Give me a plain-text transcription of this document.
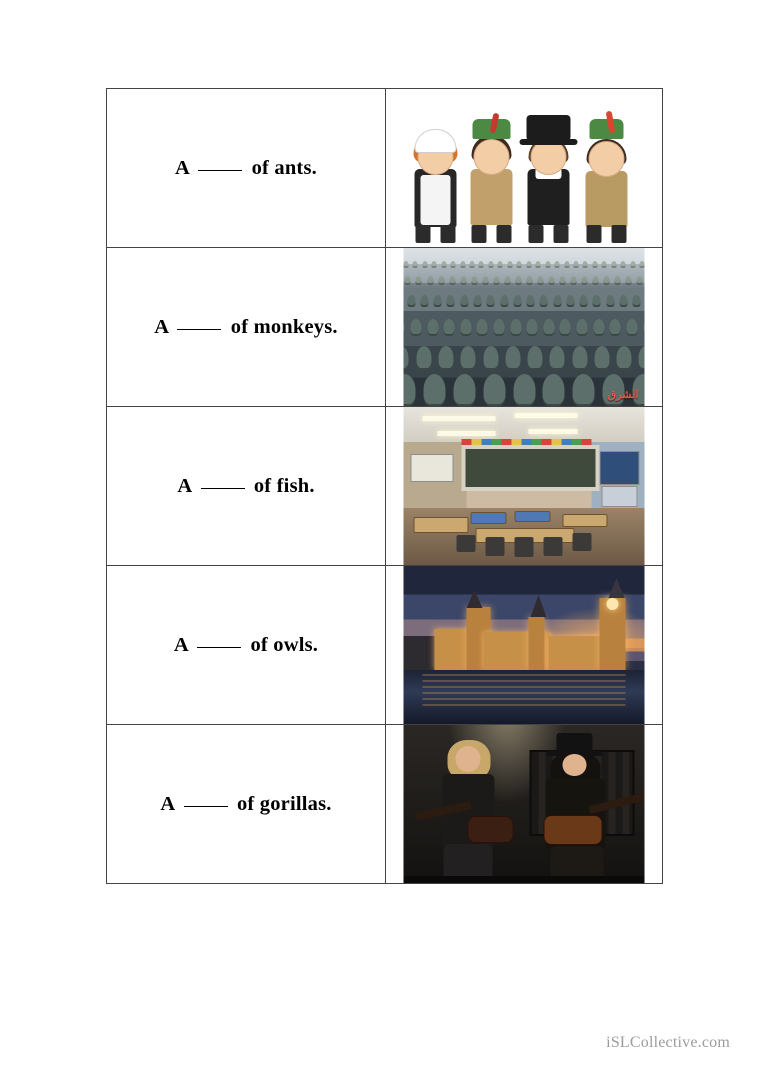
A of ants.	

A of monkeys.	الشرق

A of fish.	

A of owls.	

A of gorillas.	
iSLCollective.com
